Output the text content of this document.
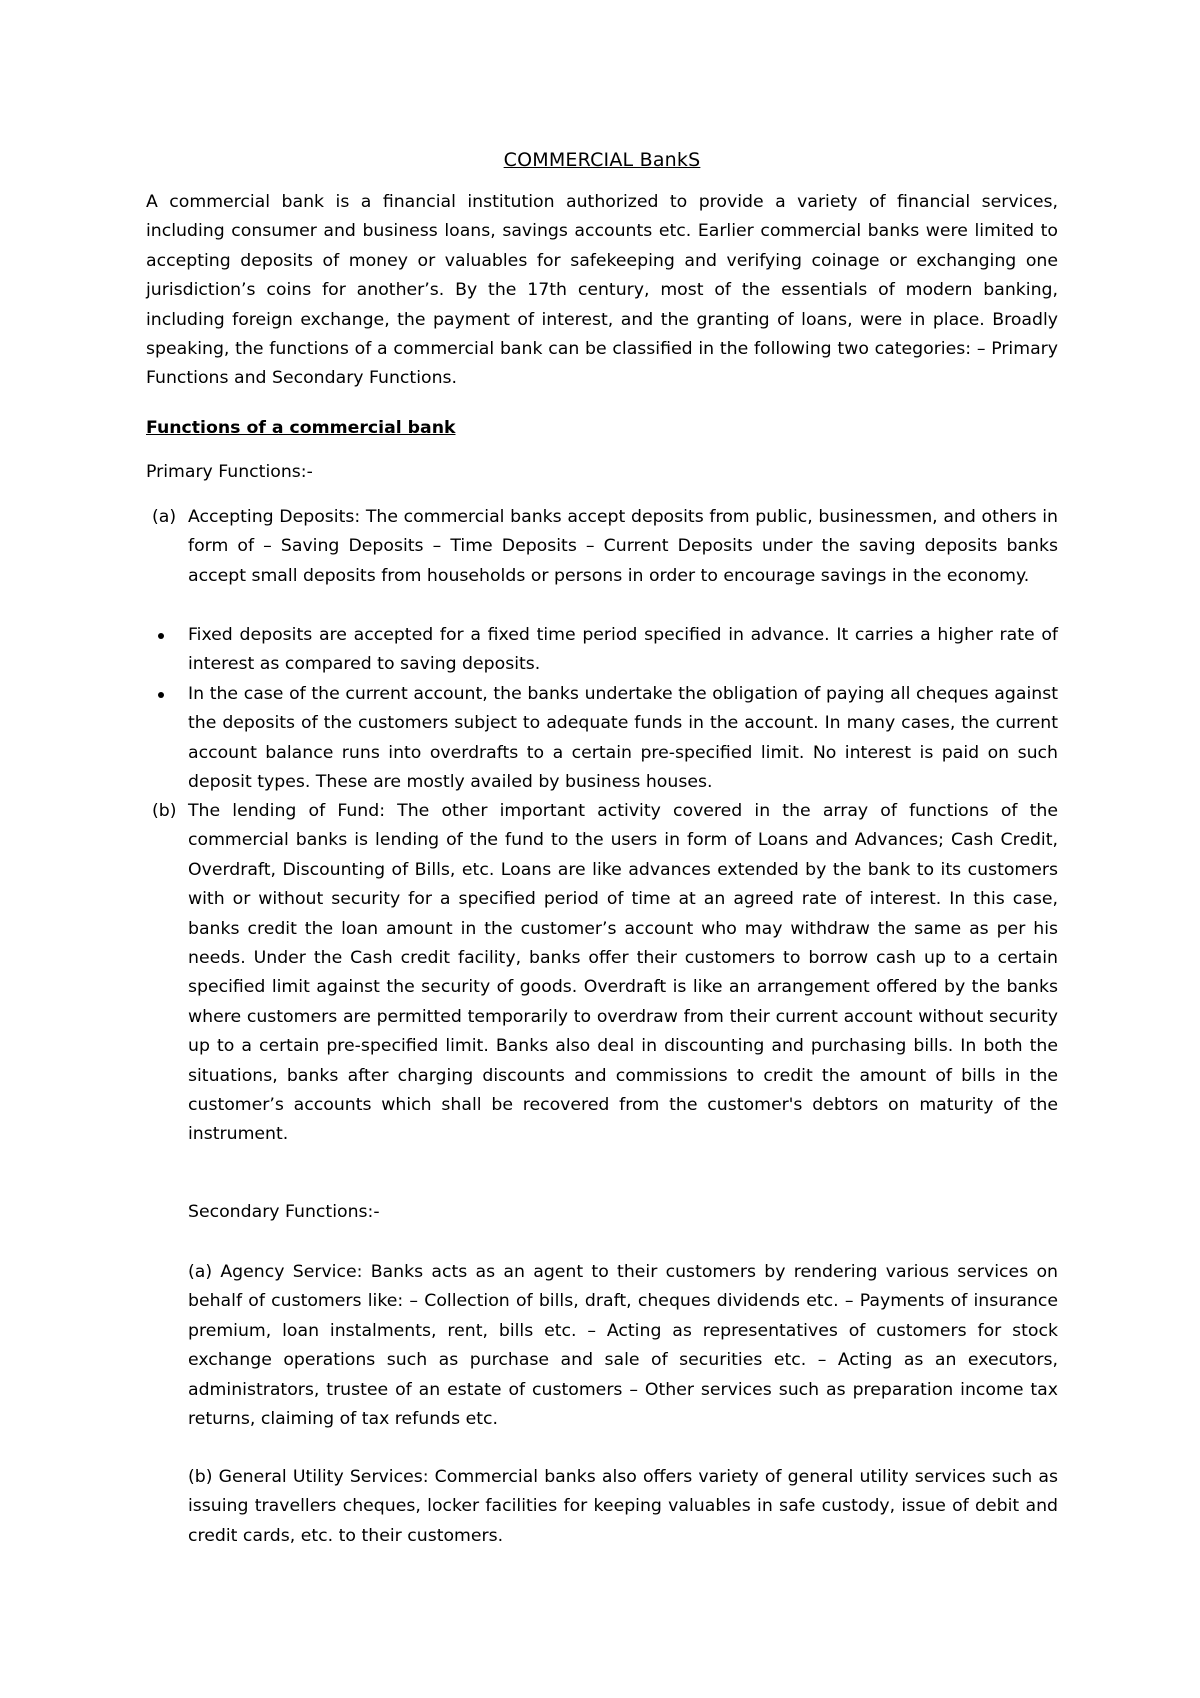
COMMERCIAL BankS

A commercial bank is a financial institution authorized to provide a variety of financial services, including consumer and business loans, savings accounts etc. Earlier commercial banks were limited to accepting deposits of money or valuables for safekeeping and verifying coinage or exchanging one jurisdiction’s coins for another’s. By the 17th century, most of the essentials of modern banking, including foreign exchange, the payment of interest, and the granting of loans, were in place. Broadly speaking, the functions of a commercial bank can be classified in the following two categories: – Primary Functions and Secondary Functions.

Functions of a commercial bank
Primary Functions:-
(a) Accepting Deposits: The commercial banks accept deposits from public, businessmen, and others in form of – Saving Deposits – Time Deposits – Current Deposits under the saving deposits banks accept small deposits from households or persons in order to encourage savings in the economy.

Fixed deposits are accepted for a fixed time period specified in advance. It carries a higher rate of interest as compared to saving deposits.

In the case of the current account, the banks undertake the obligation of paying all cheques against the deposits of the customers subject to adequate funds in the account. In many cases, the current account balance runs into overdrafts to a certain pre-specified limit. No interest is paid on such deposit types. These are mostly availed by business houses.

(b) The lending of Fund: The other important activity covered in the array of functions of the commercial banks is lending of the fund to the users in form of Loans and Advances; Cash Credit, Overdraft, Discounting of Bills, etc. Loans are like advances extended by the bank to its customers with or without security for a specified period of time at an agreed rate of interest. In this case, banks credit the loan amount in the customer’s account who may withdraw the same as per his needs. Under the Cash credit facility, banks offer their customers to borrow cash up to a certain specified limit against the security of goods. Overdraft is like an arrangement offered by the banks where customers are permitted temporarily to overdraw from their current account without security up to a certain pre-specified limit. Banks also deal in discounting and purchasing bills. In both the situations, banks after charging discounts and commissions to credit the amount of bills in the customer’s accounts which shall be recovered from the customer's debtors on maturity of the instrument.

Secondary Functions:-

(a) Agency Service: Banks acts as an agent to their customers by rendering various services on behalf of customers like: – Collection of bills, draft, cheques dividends etc. – Payments of insurance premium, loan instalments, rent, bills etc. – Acting as representatives of customers for stock exchange operations such as purchase and sale of securities etc. – Acting as an executors, administrators, trustee of an estate of customers – Other services such as preparation income tax returns, claiming of tax refunds etc.

(b) General Utility Services: Commercial banks also offers variety of general utility services such as issuing travellers cheques, locker facilities for keeping valuables in safe custody, issue of debit and credit cards, etc. to their customers.
